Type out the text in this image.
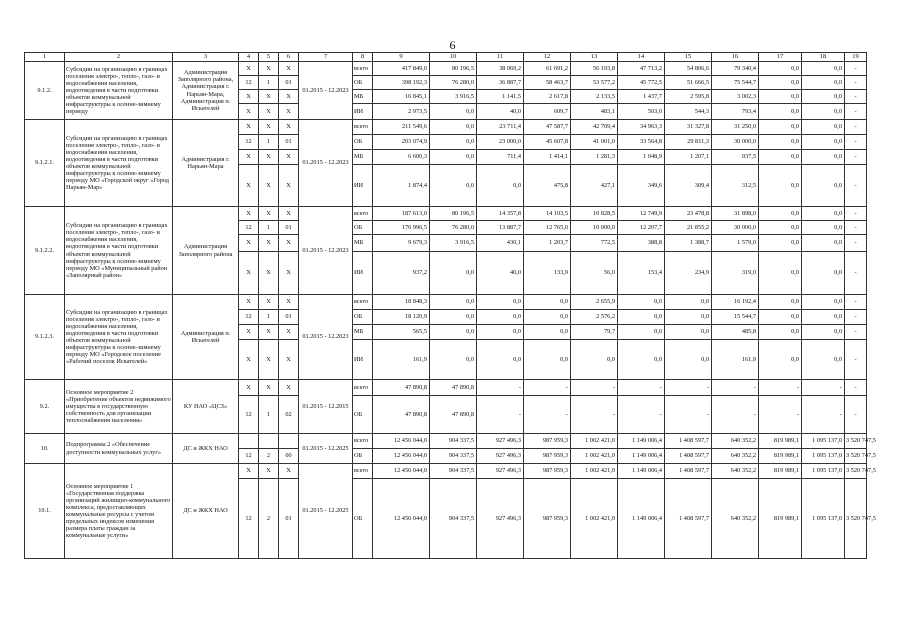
6
1	2	3	4	5	6	7	8	9	10	11	12	13	14	15	16	17	18	19
9.1.2.	Субсидии на организацию в границах поселения электро-, тепло-, газо- и водоснабжения населения, водоотведения в части подготовки объектов коммунальной инфраструктуры к осенне-зимнему периоду	Администрация Заполярного района, Администрация г. Нарьян-Мара, Администрация п. Искателей	X	X	X	01.2015 - 12.2023	всего	417 849,0	80 196,5	38 069,2	61 691,2	56 193,8	47 713,2	54 806,6	79 340,4	0,0	0,0	-
			12	1	01		ОБ	398 192,3	76 280,0	36 887,7	58 463,7	53 577,2	45 772,5	51 666,5	75 544,7	0,0	0,0	-
			X	X	X		МБ	16 845,1	3 916,5	1 141,5	2 617,8	2 133,5	1 437,7	2 595,8	3 002,3	0,0	0,0	-
			X	X	X		ИИ	2 973,5	0,0	40,0	609,7	483,1	503,0	544,3	793,4	0,0	0,0	-
9.1.2.1.	Субсидии на организацию в границах поселения электро-, тепло-, газо- и водоснабжения населения, водоотведения в части подготовки объектов коммунальной инфраструктуры к осенне-зимнему периоду МО «Городской округ «Город Нарьян-Мар»	Администрация г. Нарьян-Мара	X	X	X	01.2015 - 12.2023	всего	211 549,6	0,0	23 711,4	47 587,7	42 709,4	34 963,3	31 327,8	31 250,0	0,0	0,0	-
			12	1	01		ОБ	203 074,9	0,0	23 000,0	45 607,8	41 001,0	33 564,8	29 811,3	30 000,0	0,0	0,0	-
			X	X	X		МБ	6 600,3	0,0	711,4	1 414,1	1 281,3	1 048,9	1 207,1	937,5	0,0	0,0	-
			X	X	X		ИИ	1 874,4	0,0	0,0	475,8	427,1	349,6	309,4	312,5	0,0	0,0	-
9.1.2.2.	Субсидии на организацию в границах поселения электро-, тепло-, газо- и водоснабжения населения, водоотведения в части подготовки объектов коммунальной инфраструктуры к осенне-зимнему периоду МО «Муниципальный район «Заполярный район»	Администрация Заполярного района	X	X	X	01.2015 - 12.2023	всего	187 613,0	80 196,5	14 357,8	14 103,5	10 828,5	12 749,9	23 478,8	31 898,0	0,0	0,0	-
			12	1	01		ОБ	176 996,5	76 280,0	13 887,7	12 765,0	10 000,0	12 207,7	21 855,2	30 000,0	0,0	0,0	-
			X	X	X		МБ	9 679,3	3 916,5	430,1	1 203,7	772,5	388,8	1 388,7	1 579,0	0,0	0,0	-
			X	X	X		ИИ	937,2	0,0	40,0	133,9	56,0	153,4	234,9	319,0	0,0	0,0	-
9.1.2.3.	Субсидии на организацию в границах поселения электро-, тепло-, газо- и водоснабжения населения, водоотведения в части подготовки объектов коммунальной инфраструктуры к осенне-зимнему периоду МО «Городское поселение «Рабочий поселок Искателей»	Администрация п. Искателей	X	X	X	01.2015 - 12.2023	всего	18 848,3	0,0	0,0	0,0	2 655,9	0,0	0,0	16 192,4	0,0	0,0	-
			12	1	01		ОБ	18 120,9	0,0	0,0	0,0	2 576,2	0,0	0,0	15 544,7	0,0	0,0	-
			X	X	X		МБ	565,5	0,0	0,0	0,0	79,7	0,0	0,0	485,8	0,0	0,0	-
			X	X	X		ИИ	161,9	0,0	0,0	0,0	0,0	0,0	0,0	161,9	0,0	0,0	-
9.2.	Основное мероприятие 2 «Приобретение объектов недвижимого имущества в государственную собственность для организации теплоснабжения населения»	КУ НАО «ЦСЗ»	X	X	X	01.2015 - 12.2015	всего	47 890,8	47 890,8	-	-	-	-	-	-	-	-	-
			12	1	02		ОБ	47 890,8	47 890,8	-	-	-	-	-	-	-	-	-
10.	Подпрограмма 2 «Обеспечение доступности коммунальных услуг»	ДС и ЖКХ НАО				01.2015 - 12.2025	всего	12 456 044,0	904 337,5	927 496,3	987 959,3	1 002 421,0	1 149 006,4	1 408 597,7	640 352,2	819 989,1	1 095 137,0	3 520 747,5
			12	2	00		ОБ	12 456 044,0	904 337,5	927 496,3	987 959,3	1 002 421,0	1 149 006,4	1 408 597,7	640 352,2	819 989,1	1 095 137,0	3 520 747,5
10.1.	Основное мероприятие 1 «Государственная поддержка организаций жилищно-коммунального комплекса, предоставляющих коммунальные ресурсы с учетом предельных индексов изменения размера платы граждан за коммунальные услуги»	ДС и ЖКХ НАО	X	X	X	01.2015 - 12.2025	всего	12 456 044,0	904 337,5	927 496,3	987 959,3	1 002 421,0	1 149 006,4	1 408 597,7	640 352,2	819 989,1	1 095 137,0	3 520 747,5
			12	2	01		ОБ	12 456 044,0	904 337,5	927 496,3	987 959,3	1 002 421,0	1 149 006,4	1 408 597,7	640 352,2	819 989,1	1 095 137,0	3 520 747,5
